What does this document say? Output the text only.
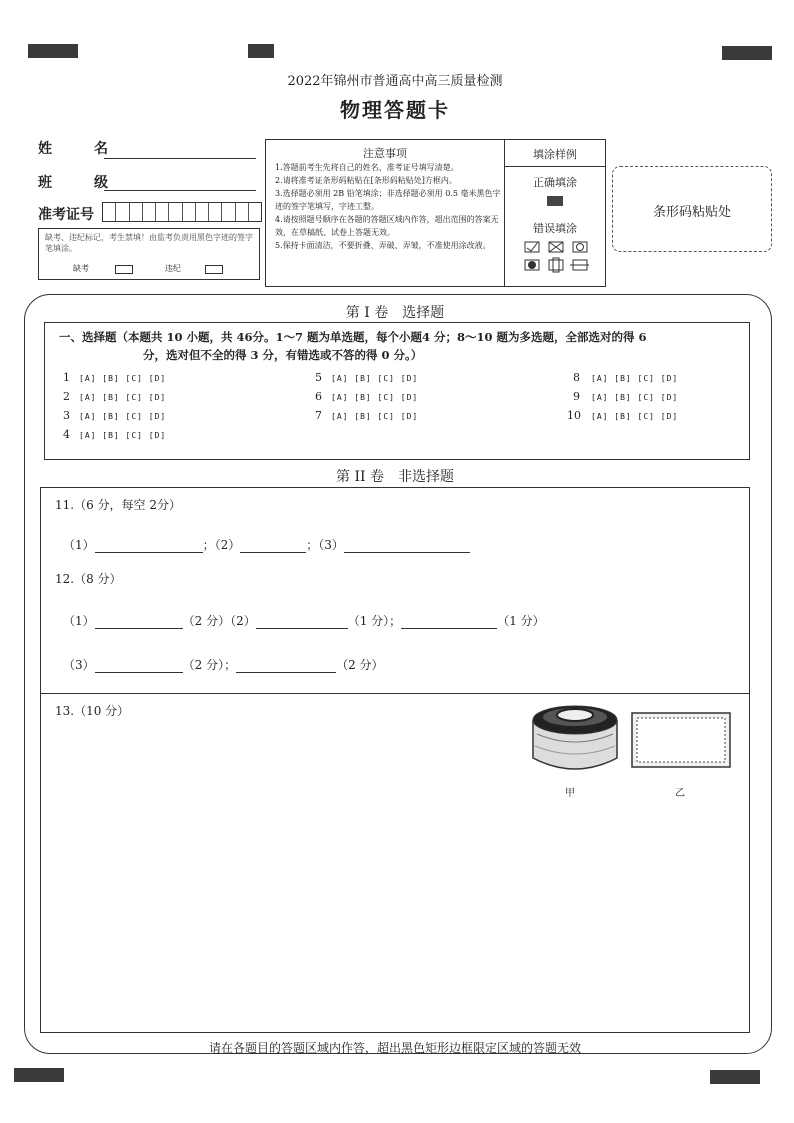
2022年锦州市普通高中高三质量检测
物理答题卡
姓　名
班　级
准考证号
缺考、违纪标记，考生禁填！由监考负责用黑色字迹的签字笔填涂。
缺考	违纪
注意事项

1.答题前考生先将自己的姓名、准考证号填写清楚。

2.请将准考证条形码粘贴在[条形码粘贴处]方框内。

3.选择题必须用 2B 铅笔填涂；非选择题必须用 0.5 毫米黑色字迹的签字笔填写，字迹工整。

4.请按照题号顺序在各题的答题区域内作答，超出范围的答案无效，在草稿纸、试卷上答题无效。

5.保持卡面清洁，不要折叠、弄破、弄皱，不准使用涂改液。

填涂样例
正确填涂
错误填涂
条形码粘贴处
第 I 卷　选择题
一、选择题（本题共 10 小题，共 46分。1～7 题为单选题，每个小题4 分；8～10 题为多选题，全部选对的得 6
分，选对但不全的得 3 分，有错选或不答的得 0 分。）
1 [A] [B] [C] [D]
2 [A] [B] [C] [D]
3 [A] [B] [C] [D]
4 [A] [B] [C] [D]
5 [A] [B] [C] [D]
6 [A] [B] [C] [D]
7 [A] [B] [C] [D]
8 [A] [B] [C] [D]
9 [A] [B] [C] [D]
10 [A] [B] [C] [D]
第 II 卷　非选择题
11.（6 分，每空 2分）
（1）	；（2）	；（3）
12.（8 分）
（1）	（2 分）（2）	（1 分）；	（1 分）
（3）	（2 分）；	（2 分）
13.（10 分）
甲	乙
请在各题目的答题区域内作答，超出黑色矩形边框限定区域的答题无效
